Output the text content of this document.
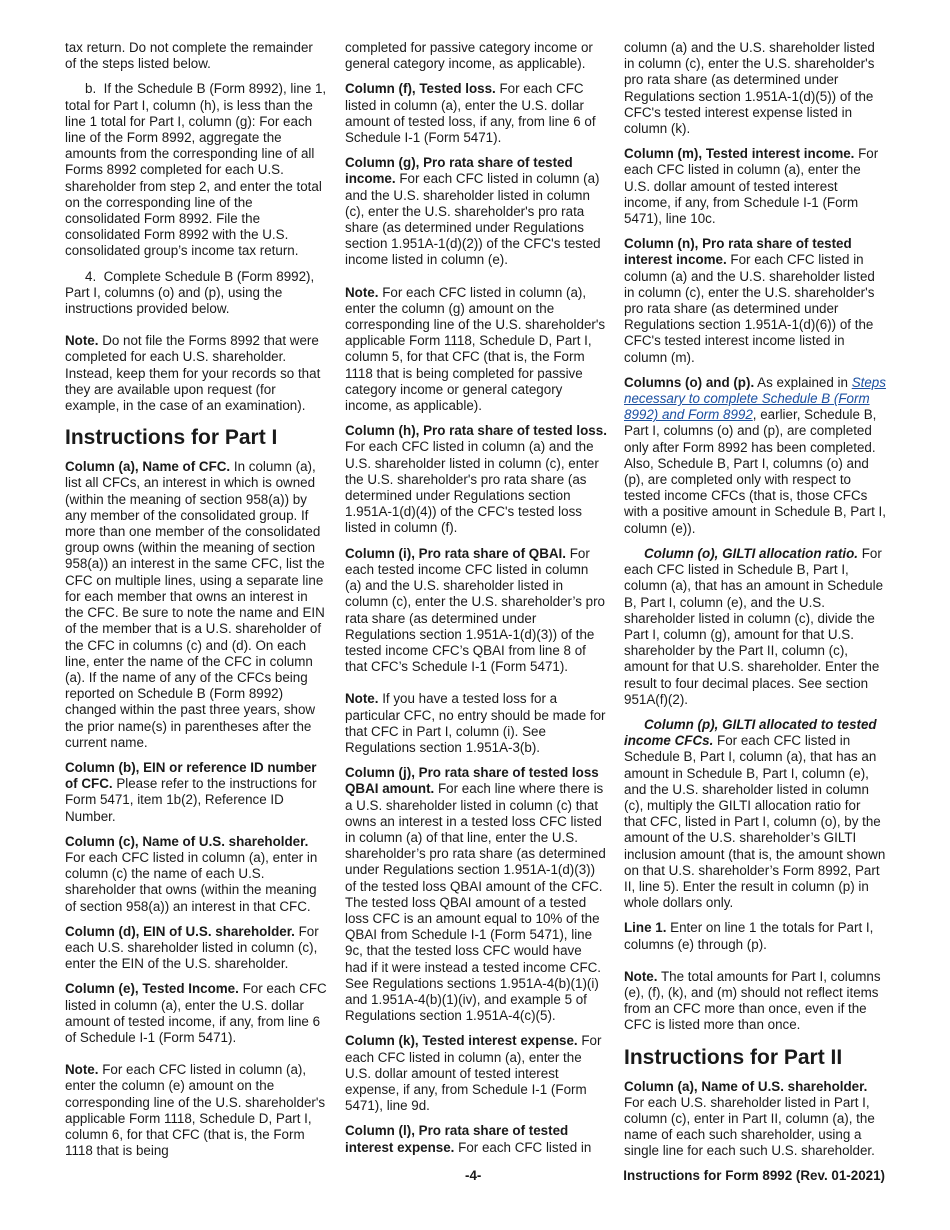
tax return. Do not complete the remainder of the steps listed below.

b.  If the Schedule B (Form 8992), line 1, total for Part I, column (h), is less than the line 1 total for Part I, column (g): For each line of the Form 8992, aggregate the amounts from the corresponding line of all Forms 8992 completed for each U.S. shareholder from step 2, and enter the total on the corresponding line of the consolidated Form 8992. File the consolidated Form 8992 with the U.S. consolidated group’s income tax return.

4.  Complete Schedule B (Form 8992), Part I, columns (o) and (p), using the instructions provided below.

Note. Do not file the Forms 8992 that were completed for each U.S. shareholder. Instead, keep them for your records so that they are available upon request (for example, in the case of an examination).

Instructions for Part I

Column (a), Name of CFC. In column (a), list all CFCs, an interest in which is owned (within the meaning of section 958(a)) by any member of the consolidated group. If more than one member of the consolidated group owns (within the meaning of section 958(a)) an interest in the same CFC, list the CFC on multiple lines, using a separate line for each member that owns an interest in the CFC. Be sure to note the name and EIN of the member that is a U.S. shareholder of the CFC in columns (c) and (d). On each line, enter the name of the CFC in column (a). If the name of any of the CFCs being reported on Schedule B (Form 8992) changed within the past three years, show the prior name(s) in parentheses after the current name.

Column (b), EIN or reference ID number of CFC. Please refer to the instructions for Form 5471, item 1b(2), Reference ID Number.

Column (c), Name of U.S. shareholder. For each CFC listed in column (a), enter in column (c) the name of each U.S. shareholder that owns (within the meaning of section 958(a)) an interest in that CFC.

Column (d), EIN of U.S. shareholder. For each U.S. shareholder listed in column (c), enter the EIN of the U.S. shareholder.

Column (e), Tested Income. For each CFC listed in column (a), enter the U.S. dollar amount of tested income, if any, from line 6 of Schedule I-1 (Form 5471).

Note. For each CFC listed in column (a), enter the column (e) amount on the corresponding line of the U.S. shareholder's applicable Form 1118, Schedule D, Part I, column 6, for that CFC (that is, the Form 1118 that is being

completed for passive category income or general category income, as applicable).

Column (f), Tested loss. For each CFC listed in column (a), enter the U.S. dollar amount of tested loss, if any, from line 6 of Schedule I-1 (Form 5471).

Column (g), Pro rata share of tested income. For each CFC listed in column (a) and the U.S. shareholder listed in column (c), enter the U.S. shareholder's pro rata share (as determined under Regulations section 1.951A-1(d)(2)) of the CFC's tested income listed in column (e).

Note. For each CFC listed in column (a), enter the column (g) amount on the corresponding line of the U.S. shareholder's applicable Form 1118, Schedule D, Part I, column 5, for that CFC (that is, the Form 1118 that is being completed for passive category income or general category income, as applicable).

Column (h), Pro rata share of tested loss. For each CFC listed in column (a) and the U.S. shareholder listed in column (c), enter the U.S. shareholder's pro rata share (as determined under Regulations section 1.951A-1(d)(4)) of the CFC's tested loss listed in column (f).

Column (i), Pro rata share of QBAI. For each tested income CFC listed in column (a) and the U.S. shareholder listed in column (c), enter the U.S. shareholder’s pro rata share (as determined under Regulations section 1.951A-1(d)(3)) of the tested income CFC’s QBAI from line 8 of that CFC’s Schedule I-1 (Form 5471).

Note. If you have a tested loss for a particular CFC, no entry should be made for that CFC in Part I, column (i). See Regulations section 1.951A-3(b).

Column (j), Pro rata share of tested loss QBAI amount. For each line where there is a U.S. shareholder listed in column (c) that owns an interest in a tested loss CFC listed in column (a) of that line, enter the U.S. shareholder’s pro rata share (as determined under Regulations section 1.951A-1(d)(3)) of the tested loss QBAI amount of the CFC. The tested loss QBAI amount of a tested loss CFC is an amount equal to 10% of the QBAI from Schedule I-1 (Form 5471), line 9c, that the tested loss CFC would have had if it were instead a tested income CFC. See Regulations sections 1.951A-4(b)(1)(i) and 1.951A-4(b)(1)(iv), and example 5 of Regulations section 1.951A-4(c)(5).

Column (k), Tested interest expense. For each CFC listed in column (a), enter the U.S. dollar amount of tested interest expense, if any, from Schedule I-1 (Form 5471), line 9d.

Column (l), Pro rata share of tested interest expense. For each CFC listed in

column (a) and the U.S. shareholder listed in column (c), enter the U.S. shareholder's pro rata share (as determined under Regulations section 1.951A-1(d)(5)) of the CFC's tested interest expense listed in column (k).

Column (m), Tested interest income. For each CFC listed in column (a), enter the U.S. dollar amount of tested interest income, if any, from Schedule I-1 (Form 5471), line 10c.

Column (n), Pro rata share of tested interest income. For each CFC listed in column (a) and the U.S. shareholder listed in column (c), enter the U.S. shareholder's pro rata share (as determined under Regulations section 1.951A-1(d)(6)) of the CFC's tested interest income listed in column (m).

Columns (o) and (p). As explained in Steps necessary to complete Schedule B (Form 8992) and Form 8992, earlier, Schedule B, Part I, columns (o) and (p), are completed only after Form 8992 has been completed. Also, Schedule B, Part I, columns (o) and (p), are completed only with respect to tested income CFCs (that is, those CFCs with a positive amount in Schedule B, Part I, column (e)).

Column (o), GILTI allocation ratio. For each CFC listed in Schedule B, Part I, column (a), that has an amount in Schedule B, Part I, column (e), and the U.S. shareholder listed in column (c), divide the Part I, column (g), amount for that U.S. shareholder by the Part II, column (c), amount for that U.S. shareholder. Enter the result to four decimal places. See section 951A(f)(2).

Column (p), GILTI allocated to tested income CFCs. For each CFC listed in Schedule B, Part I, column (a), that has an amount in Schedule B, Part I, column (e), and the U.S. shareholder listed in column (c), multiply the GILTI allocation ratio for that CFC, listed in Part I, column (o), by the amount of the U.S. shareholder’s GILTI inclusion amount (that is, the amount shown on that U.S. shareholder’s Form 8992, Part II, line 5). Enter the result in column (p) in whole dollars only.

Line 1. Enter on line 1 the totals for Part I, columns (e) through (p).

Note. The total amounts for Part I, columns (e), (f), (k), and (m) should not reflect items from an CFC more than once, even if the CFC is listed more than once.

Instructions for Part II

Column (a), Name of U.S. shareholder. For each U.S. shareholder listed in Part I, column (c), enter in Part II, column (a), the name of each such shareholder, using a single line for each such U.S. shareholder.

-4-	Instructions for Form 8992 (Rev. 01-2021)
